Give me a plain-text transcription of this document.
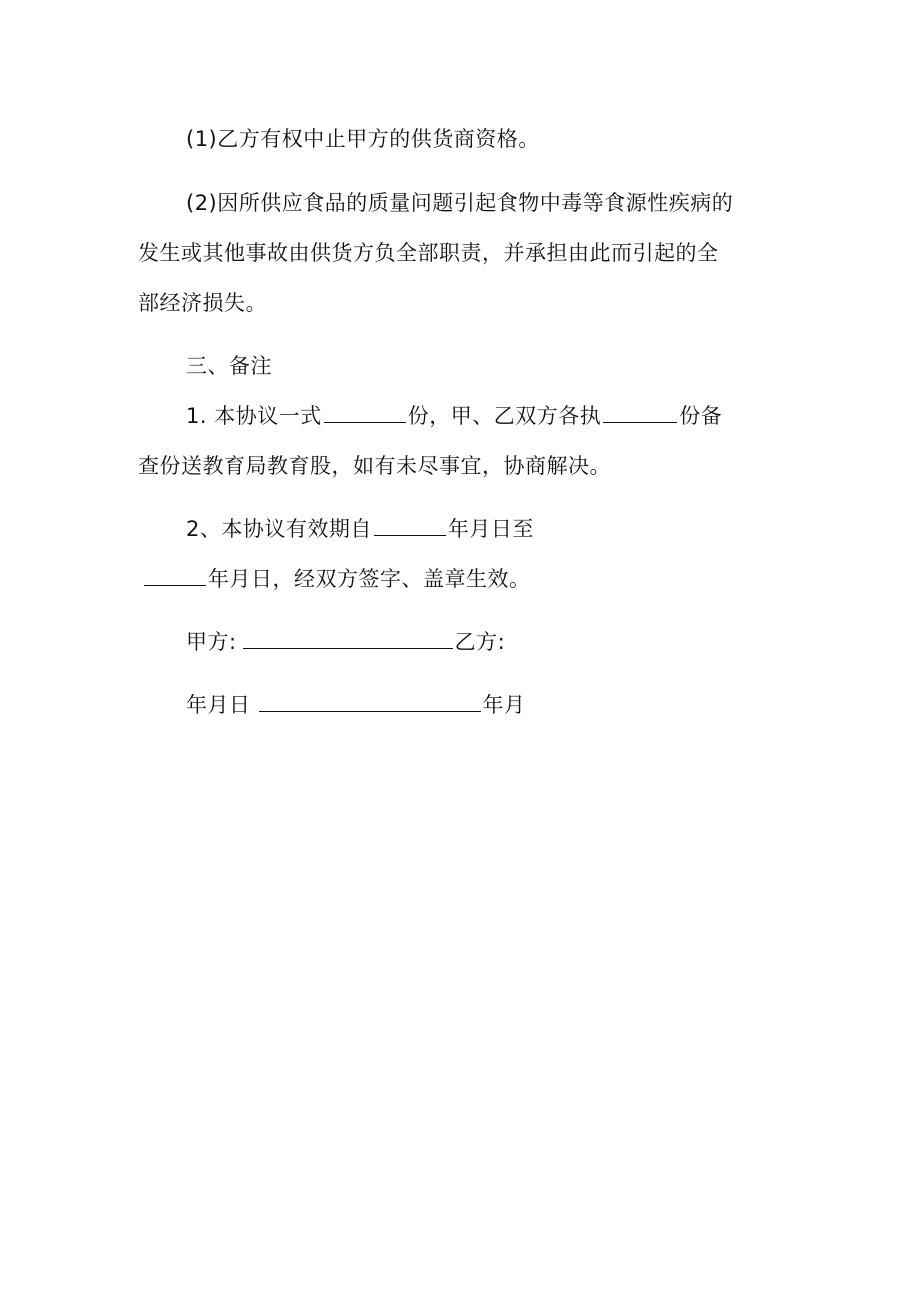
(1)乙方有权中止甲方的供货商资格。
(2)因所供应食品的质量问题引起食物中毒等食源性疾病的
发生或其他事故由供货方负全部职责，并承担由此而引起的全
部经济损失。
三、备注
1. 本协议一式	份，甲、乙双方各执	份备
查份送教育局教育股，如有未尽事宜，协商解决。
2、本协议有效期自	年月日至
年月日，经双方签字、盖章生效。
甲方:	乙方:
年月日	年月
